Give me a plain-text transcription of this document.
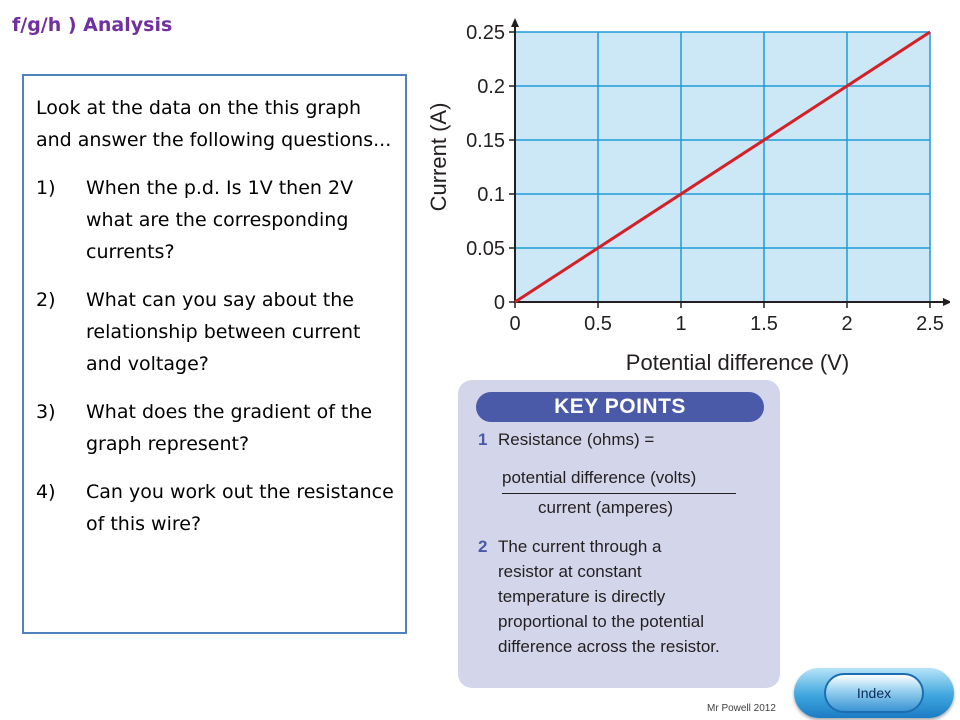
f/g/h ) Analysis

Look at the data on the this graph and answer the following questions...

1)	When the p.d. Is 1V then 2V what are the corresponding currents?
2)	What can you say about the relationship between current and voltage?
3)	What does the gradient of the graph represent?
4)	Can you work out the resistance of this wire?
0	0.5	1	1.5	2	2.5
0
0.05
0.1
0.15
0.2
0.25
Potential difference (V)
Current (A)
KEY POINTS
1 Resistance (ohms) =
potential difference (volts)
current (amperes)
2 The current through a
resistor at constant
temperature is directly
proportional to the potential
difference across the resistor.
Mr Powell 2012
Index
